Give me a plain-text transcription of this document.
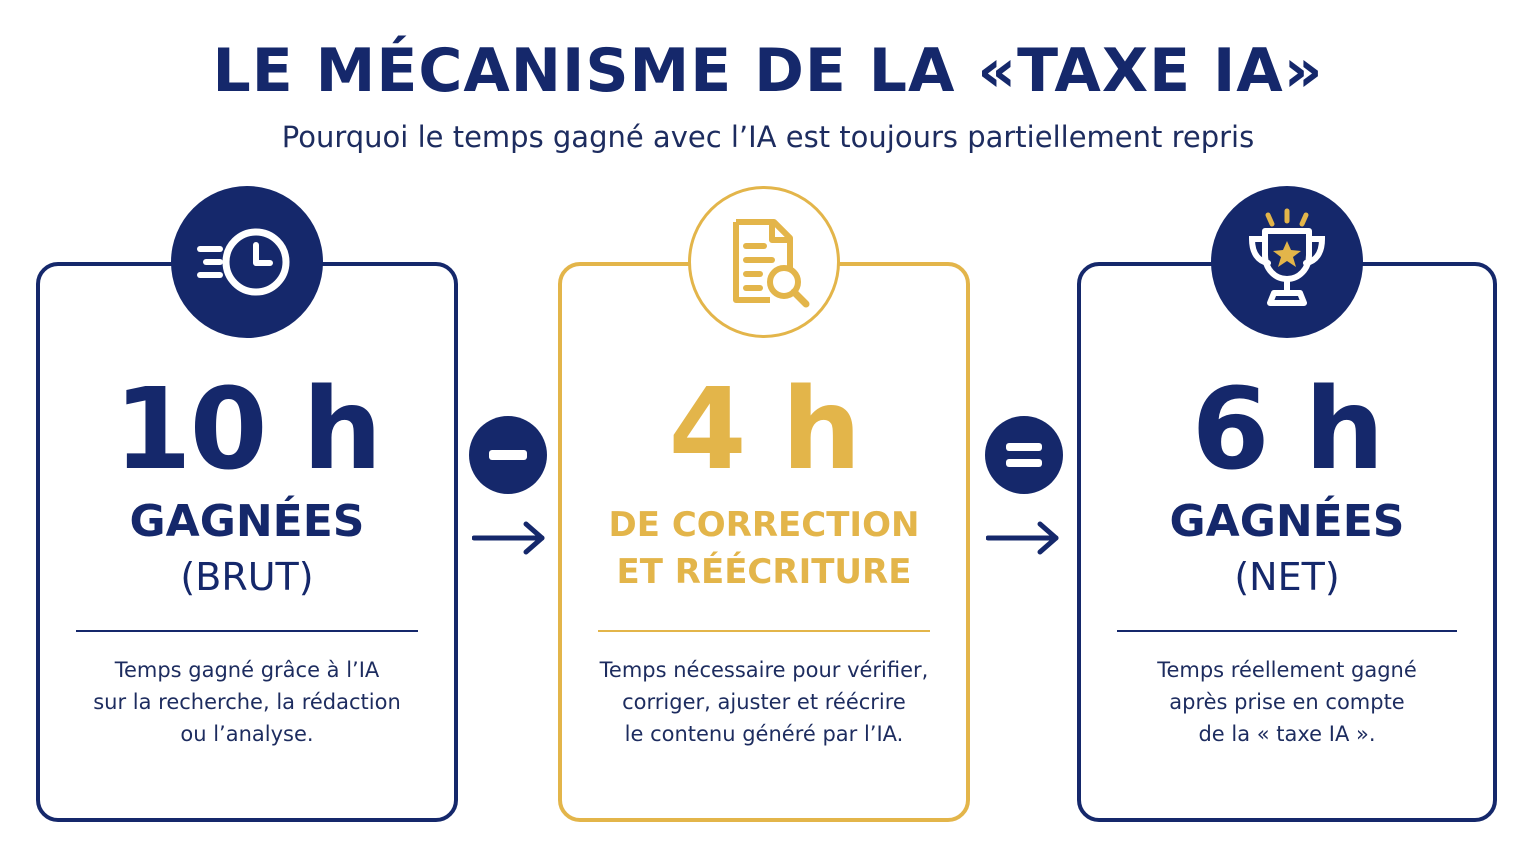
LE MÉCANISME DE LA «TAXE IA»
Pourquoi le temps gagné avec l’IA est toujours partiellement repris
10 h
GAGNÉES
(BRUT)
Temps gagné grâce à l’IA
sur la recherche, la rédaction
ou l’analyse.
4 h
DE CORRECTION
ET RÉÉCRITURE
Temps nécessaire pour vérifier,
corriger, ajuster et réécrire
le contenu généré par l’IA.
6 h
GAGNÉES
(NET)
Temps réellement gagné
après prise en compte
de la « taxe IA ».
